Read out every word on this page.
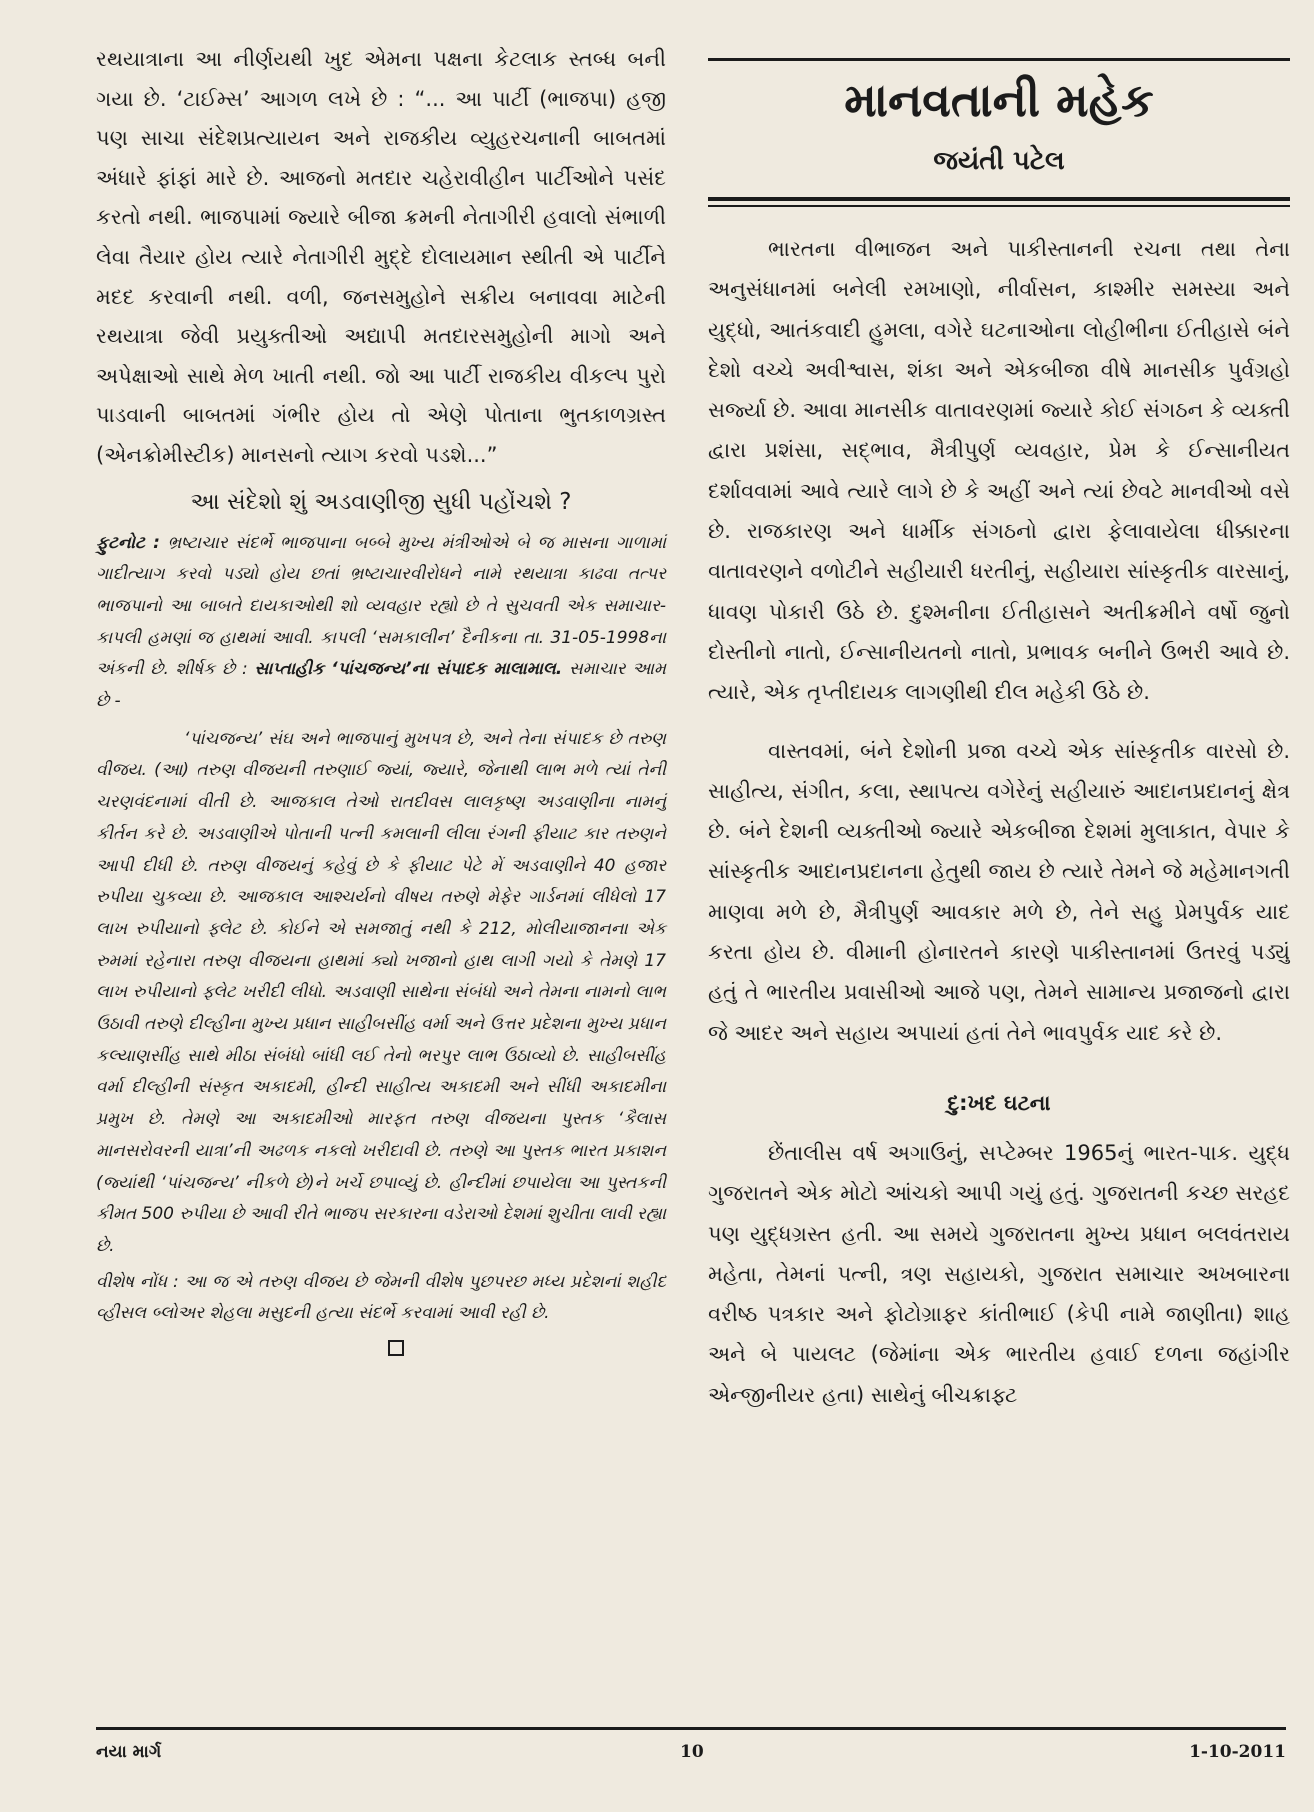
રથયાત્રાના આ નીર્ણયથી ખુદ એમના પક્ષના કેટલાક સ્તબ્ધ બની ગયા છે. ‘ટાઈમ્સ’ આગળ લખે છે : “... આ પાર્ટી (ભાજપા) હજી પણ સાચા સંદેશપ્રત્યાયન અને રાજકીય વ્યુહરચનાની બાબતમાં અંધારે ફાંફાં મારે છે. આજનો મતદાર ચહેરાવીહીન પાર્ટીઓને પસંદ કરતો નથી. ભાજપામાં જ્યારે બીજા ક્રમની નેતાગીરી હવાલો સંભાળી લેવા તૈયાર હોય ત્યારે નેતાગીરી મુદ્દે દોલાયમાન સ્થીતી એ પાર્ટીને મદદ કરવાની નથી. વળી, જનસમુહોને સક્રીય બનાવવા માટેની રથયાત્રા જેવી પ્રયુક્તીઓ અદ્યાપી મતદારસમુહોની માગો અને અપેક્ષાઓ સાથે મેળ ખાતી નથી. જો આ પાર્ટી રાજકીય વીકલ્પ પુરો પાડવાની બાબતમાં ગંભીર હોય તો એણે પોતાના ભુતકાળગ્રસ્ત (એનક્રોમીસ્ટીક) માનસનો ત્યાગ કરવો પડશે...”

આ સંદેશો શું અડવાણીજી સુધી પહોંચશે ?

ફુટનોટ : ભ્રષ્ટાચાર સંદર્ભે ભાજપાના બબ્બે મુખ્ય મંત્રીઓએ બે જ માસના ગાળામાં ગાદીત્યાગ કરવો પડ્યો હોય છતાં ભ્રષ્ટાચારવીરોધને નામે રથયાત્રા કાઢવા તત્પર ભાજપાનો આ બાબતે દાયકાઓથી શો વ્યવહાર રહ્યો છે તે સુચવતી એક સમાચાર-કાપલી હમણાં જ હાથમાં આવી. કાપલી ‘સમકાલીન’ દૈનીકના તા. 31-05-1998ના અંકની છે. શીર્ષક છે : સાપ્તાહીક ‘પાંચજન્ય’ના સંપાદક માલામાલ. સમાચાર આમ છે -

‘પાંચજન્ય’ સંઘ અને ભાજપાનું મુખપત્ર છે, અને તેના સંપાદક છે તરુણ વીજય. (આ) તરુણ વીજયની તરુણાઈ જ્યાં, જ્યારે, જેનાથી લાભ મળે ત્યાં તેની ચરણવંદનામાં વીતી છે. આજકાલ તેઓ રાતદીવસ લાલકૃષ્ણ અડવાણીના નામનું કીર્તન કરે છે. અડવાણીએ પોતાની પત્ની કમલાની લીલા રંગની ફીયાટ કાર તરુણને આપી દીધી છે. તરુણ વીજયનું કહેવું છે કે ફીયાટ પેટે મેં અડવાણીને 40 હજાર રુપીયા ચુકવ્યા છે. આજકાલ આશ્ચર્યનો વીષય તરુણે મેફેર ગાર્ડનમાં લીધેલો 17 લાખ રુપીયાનો ફ્લેટ છે. કોઈને એ સમજાતું નથી કે 212, મોલીયાજાનના એક રુમમાં રહેનારા તરુણ વીજયના હાથમાં ક્યો ખજાનો હાથ લાગી ગયો કે તેમણે 17 લાખ રુપીયાનો ફ્લેટ ખરીદી લીધો. અડવાણી સાથેના સંબંધો અને તેમના નામનો લાભ ઉઠાવી તરુણે દીલ્હીના મુખ્ય પ્રધાન સાહીબસીંહ વર્મા અને ઉત્તર પ્રદેશના મુખ્ય પ્રધાન કલ્યાણસીંહ સાથે મીઠા સંબંધો બાંધી લઈ તેનો ભરપુર લાભ ઉઠાવ્યો છે. સાહીબસીંહ વર્મા દીલ્હીની સંસ્કૃત અકાદમી, હીન્દી સાહીત્ય અકાદમી અને સીંધી અકાદમીના પ્રમુખ છે. તેમણે આ અકાદમીઓ મારફત તરુણ વીજયના પુસ્તક ‘કૈલાસ માનસરોવરની યાત્રા’ની અઢળક નકલો ખરીદાવી છે. તરુણે આ પુસ્તક ભારત પ્રકાશન (જ્યાંથી ‘પાંચજન્ય’ નીકળે છે)ને ખર્ચે છપાવ્યું છે. હીન્દીમાં છપાયેલા આ પુસ્તકની કીમત 500 રુપીયા છે આવી રીતે ભાજપ સરકારના વડેરાઓ દેશમાં શુચીતા લાવી રહ્યા છે.

વીશેષ નોંધ : આ જ એ તરુણ વીજય છે જેમની વીશેષ પુછપરછ મધ્ય પ્રદેશનાં શહીદ વ્હીસલ બ્લોઅર શેહલા મસુદની હત્યા સંદર્ભે કરવામાં આવી રહી છે.

માનવતાની મહેક
જયંતી પટેલ

ભારતના વીભાજન અને પાકીસ્તાનની રચના તથા તેના અનુસંધાનમાં બનેલી રમખાણો, નીર્વાસન, કાશ્મીર સમસ્યા અને યુદ્ધો, આતંકવાદી હુમલા, વગેરે ઘટનાઓના લોહીભીના ઈતીહાસે બંને દેશો વચ્ચે અવીશ્વાસ, શંકા અને એકબીજા વીષે માનસીક પુર્વગ્રહો સર્જ્યા છે. આવા માનસીક વાતાવરણમાં જ્યારે કોઈ સંગઠન કે વ્યક્તી દ્વારા પ્રશંસા, સદ્ભાવ, મૈત્રીપુર્ણ વ્યવહાર, પ્રેમ કે ઈન્સાનીયત દર્શાવવામાં આવે ત્યારે લાગે છે કે અહીં અને ત્યાં છેવટે માનવીઓ વસે છે. રાજકારણ અને ધાર્મીક સંગઠનો દ્વારા ફેલાવાયેલા ધીક્કારના વાતાવરણને વળોટીને સહીયારી ધરતીનું, સહીયારા સાંસ્કૃતીક વારસાનું, ધાવણ પોકારી ઉઠે છે. દુશ્મનીના ઈતીહાસને અતીક્રમીને વર્ષો જુનો દોસ્તીનો નાતો, ઈન્સાનીયતનો નાતો, પ્રભાવક બનીને ઉભરી આવે છે. ત્યારે, એક તૃપ્તીદાયક લાગણીથી દીલ મહેકી ઉઠે છે.

વાસ્તવમાં, બંને દેશોની પ્રજા વચ્ચે એક સાંસ્કૃતીક વારસો છે. સાહીત્ય, સંગીત, કલા, સ્થાપત્ય વગેરેનું સહીયારું આદાનપ્રદાનનું ક્ષેત્ર છે. બંને દેશની વ્યક્તીઓ જ્યારે એકબીજા દેશમાં મુલાકાત, વેપાર કે સાંસ્કૃતીક આદાનપ્રદાનના હેતુથી જાય છે ત્યારે તેમને જે મહેમાનગતી માણવા મળે છે, મૈત્રીપુર્ણ આવકાર મળે છે, તેને સહુ પ્રેમપુર્વક યાદ કરતા હોય છે. વીમાની હોનારતને કારણે પાકીસ્તાનમાં ઉતરવું પડ્યું હતું તે ભારતીય પ્રવાસીઓ આજે પણ, તેમને સામાન્ય પ્રજાજનો દ્વારા જે આદર અને સહાય અપાયાં હતાં તેને ભાવપુર્વક યાદ કરે છે.

દુ:ખદ ઘટના

છેંતાલીસ વર્ષ અગાઉનું, સપ્ટેમ્બર 1965નું ભારત-પાક. યુદ્ધ ગુજરાતને એક મોટો આંચકો આપી ગયું હતું. ગુજરાતની કચ્છ સરહદ પણ યુદ્ધગ્રસ્ત હતી. આ સમયે ગુજરાતના મુખ્ય પ્રધાન બલવંતરાય મહેતા, તેમનાં પત્ની, ત્રણ સહાયકો, ગુજરાત સમાચાર અખબારના વરીષ્ઠ પત્રકાર અને ફોટોગ્રાફર કાંતીભાઈ (કેપી નામે જાણીતા) શાહ અને બે પાયલટ (જેમાંના એક ભારતીય હવાઈ દળના જહાંગીર એન્જીનીયર હતા) સાથેનું બીચક્રાફ્ટ

નયા માર્ગ	10	1-10-2011
